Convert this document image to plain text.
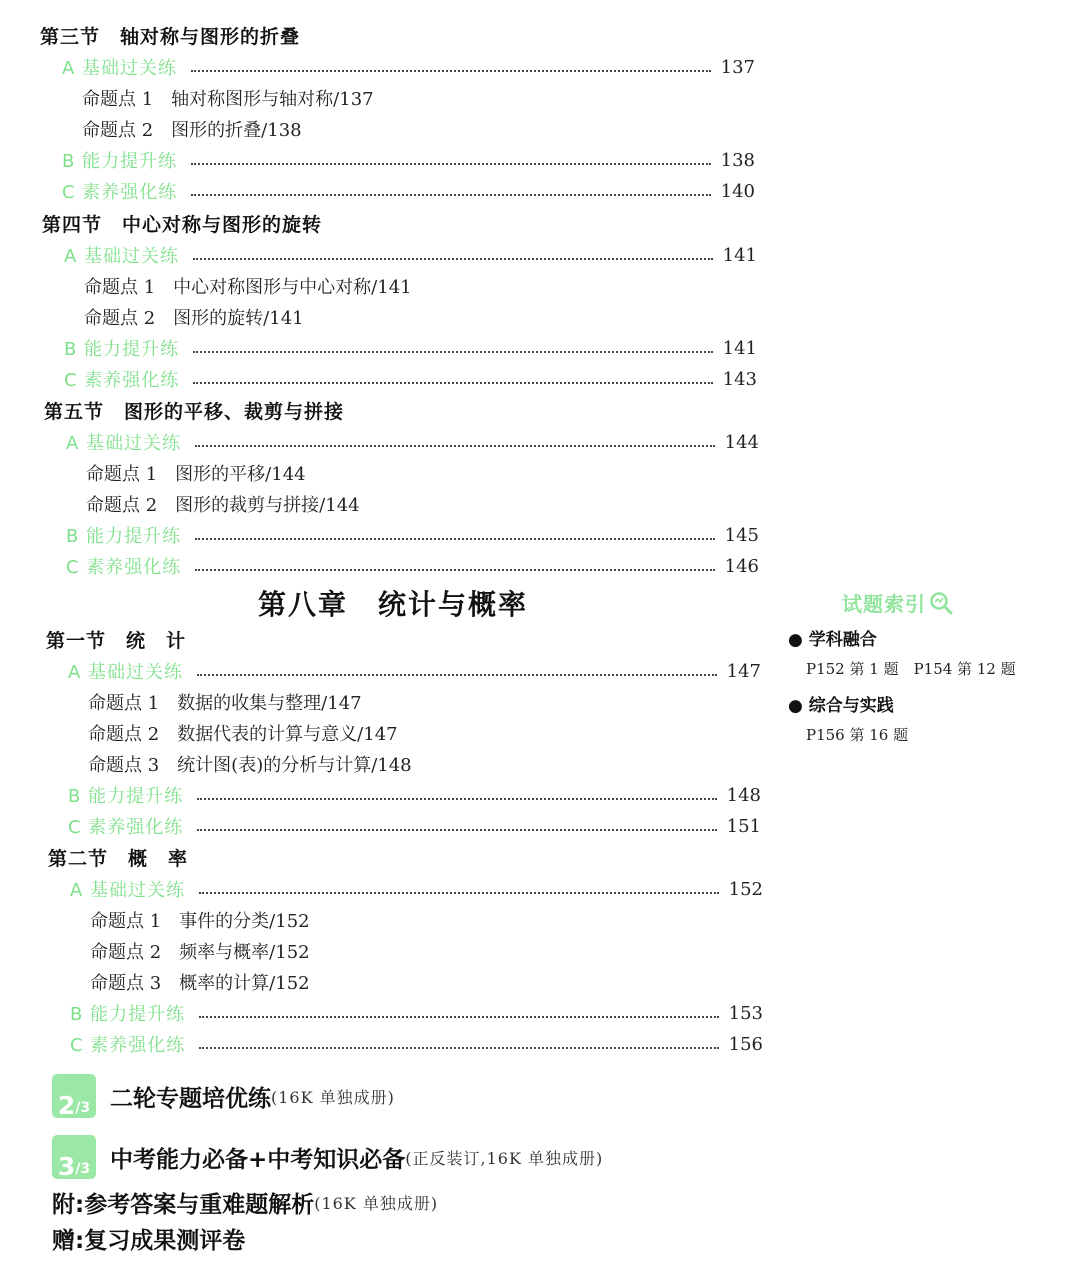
第三节　轴对称与图形的折叠
A 基础过关练	137
命题点 1　轴对称图形与轴对称/137
命题点 2　图形的折叠/138
B 能力提升练	138
C 素养强化练	140
第四节　中心对称与图形的旋转
A 基础过关练	141
命题点 1　中心对称图形与中心对称/141
命题点 2　图形的旋转/141
B 能力提升练	141
C 素养强化练	143
第五节　图形的平移、裁剪与拼接
A 基础过关练	144
命题点 1　图形的平移/144
命题点 2　图形的裁剪与拼接/144
B 能力提升练	145
C 素养强化练	146
第八章　统计与概率	试题索引
● 学科融合
P152 第 1 题　P154 第 12 题
● 综合与实践
P156 第 16 题
第一节　统　计
A 基础过关练	147
命题点 1　数据的收集与整理/147
命题点 2　数据代表的计算与意义/147
命题点 3　统计图(表)的分析与计算/148
B 能力提升练	148
C 素养强化练	151
第二节　概　率
A 基础过关练	152
命题点 1　事件的分类/152
命题点 2　频率与概率/152
命题点 3　概率的计算/152
B 能力提升练	153
C 素养强化练	156
2 /3 二轮专题培优练 (16K 单独成册)
3 /3 中考能力必备+中考知识必备 (正反装订,16K 单独成册)
附:参考答案与重难题解析 (16K 单独成册)
赠:复习成果测评卷
